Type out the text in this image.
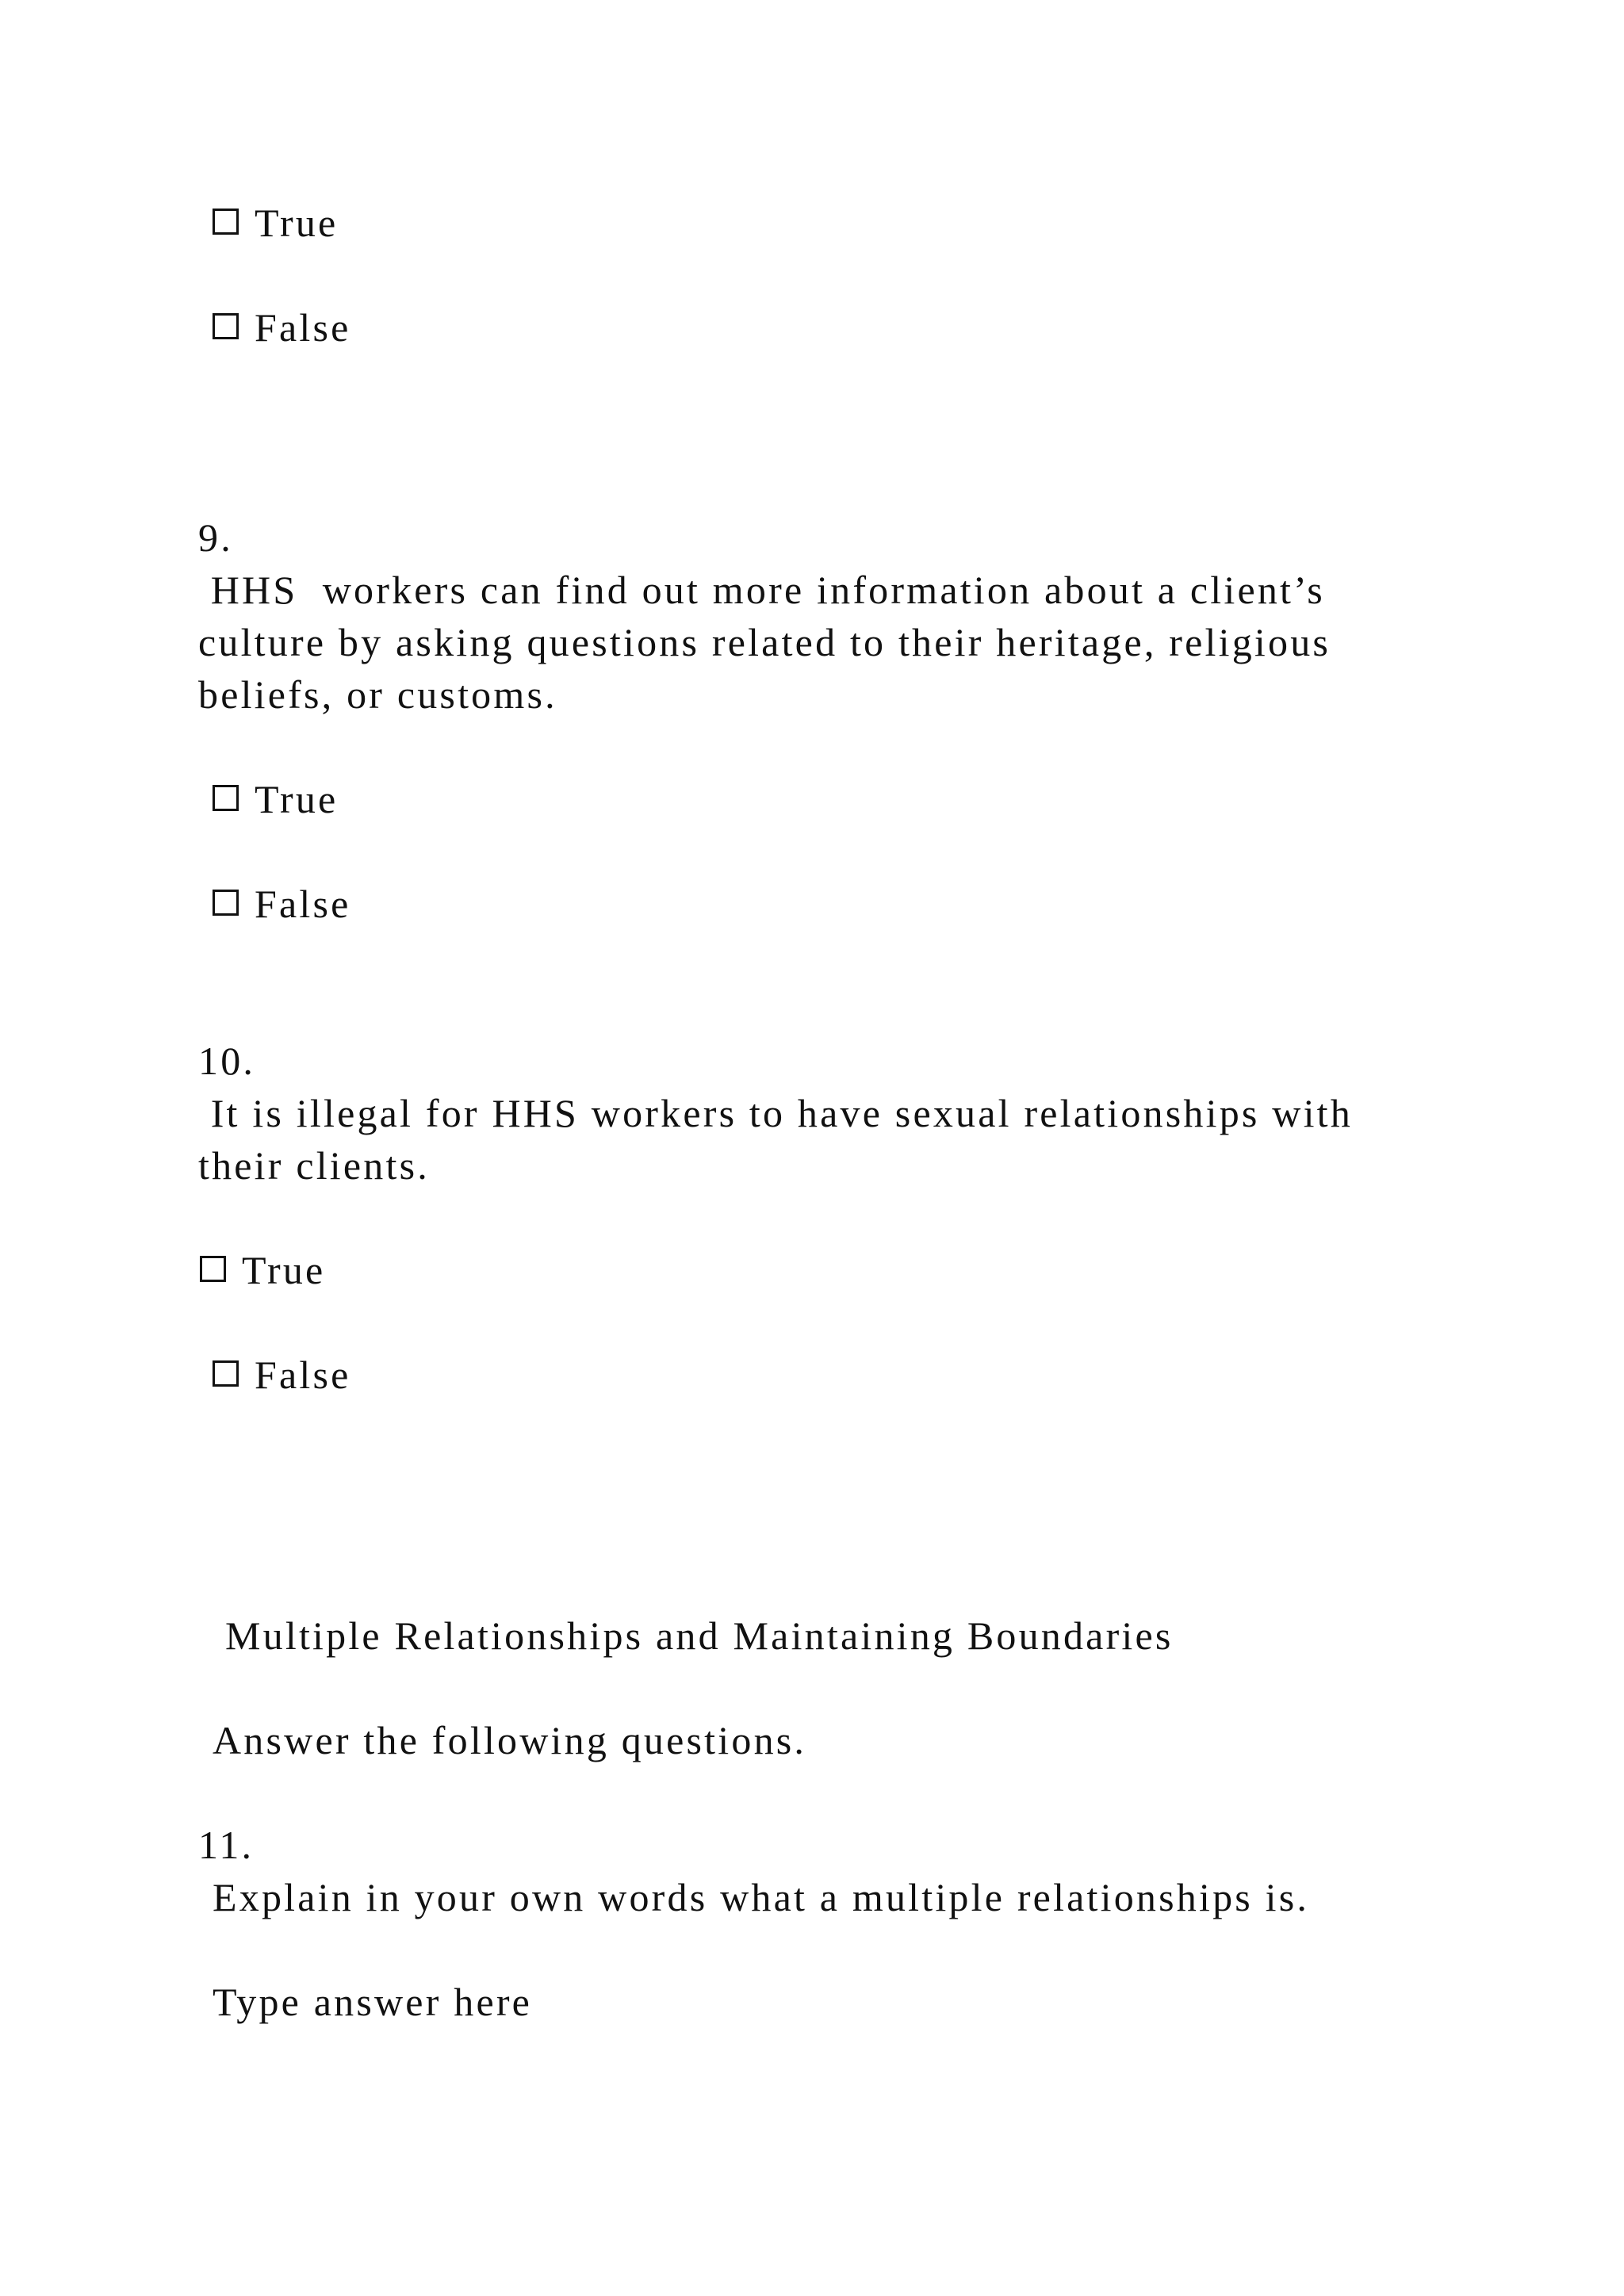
True
False
9.
HHS  workers can find out more information about a client’s
culture by asking questions related to their heritage, religious
beliefs, or customs.
True
False
10.
It is illegal for HHS workers to have sexual relationships with
their clients.
True
False
Multiple Relationships and Maintaining Boundaries
Answer the following questions.
11.
Explain in your own words what a multiple relationships is.
Type answer here
